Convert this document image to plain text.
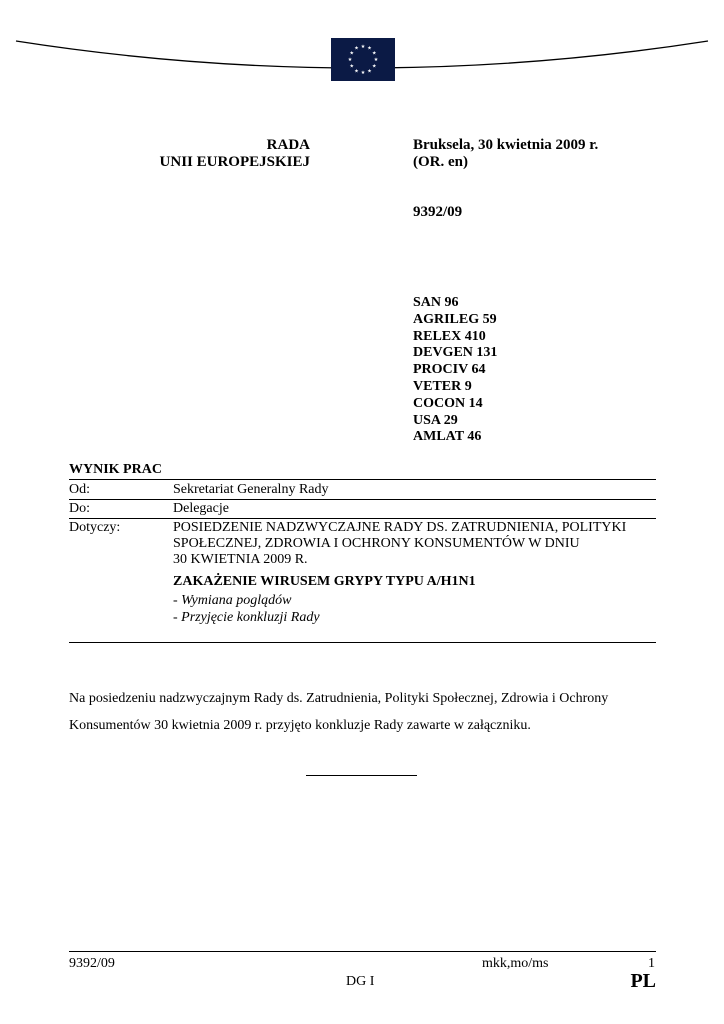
★ ★
★
★
★
★
★
★
★
★
★
★
RADA
UNII EUROPEJSKIEJ
Bruksela, 30 kwietnia 2009 r.
(OR. en)
9392/09
SAN 96
AGRILEG 59
RELEX 410
DEVGEN 131
PROCIV 64
VETER 9
COCON 14
USA 29
AMLAT 46
WYNIK PRAC
Od:	Sekretariat Generalny Rady
Do:	Delegacje
Dotyczy:	POSIEDZENIE NADZWYCZAJNE RADY DS. ZATRUDNIENIA, POLITYKI
SPOŁECZNEJ, ZDROWIA I OCHRONY KONSUMENTÓW W DNIU
30 KWIETNIA 2009 R.
ZAKAŻENIE WIRUSEM GRYPY TYPU A/H1N1
- Wymiana poglądów
- Przyjęcie konkluzji Rady
Na posiedzeniu nadzwyczajnym Rady ds. Zatrudnienia, Polityki Społecznej, Zdrowia i Ochrony
Konsumentów 30 kwietnia 2009 r. przyjęto konkluzje Rady zawarte w załączniku.
9392/09	mkk,mo/ms	1
DG I	PL
